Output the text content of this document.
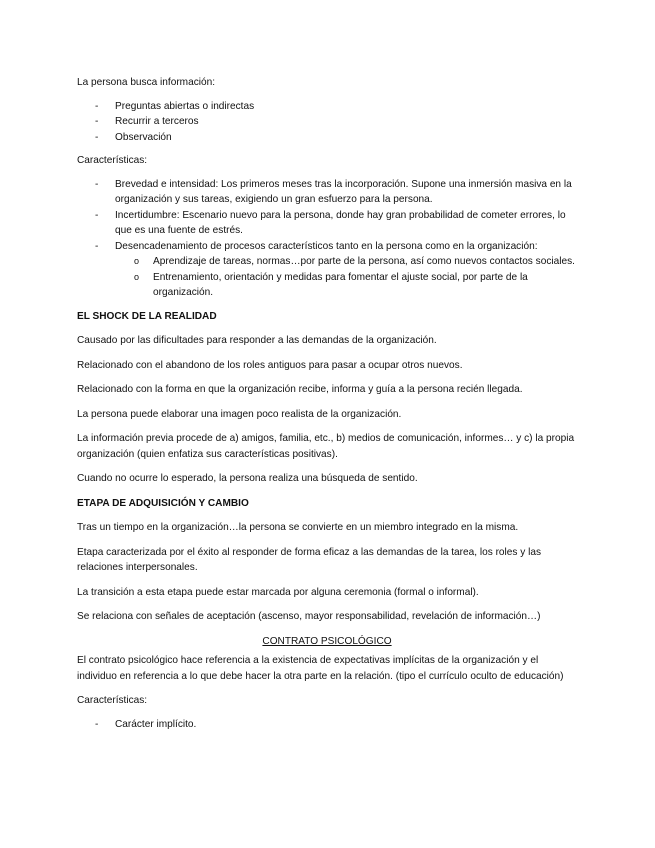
La persona busca información:

- Preguntas abiertas o indirectas
- Recurrir a terceros
- Observación

Características:

- Brevedad e intensidad: Los primeros meses tras la incorporación. Supone una inmersión masiva en la organización y sus tareas, exigiendo un gran esfuerzo para la persona.
- Incertidumbre: Escenario nuevo para la persona, donde hay gran probabilidad de cometer errores, lo que es una fuente de estrés.
- Desencadenamiento de procesos característicos tanto en la persona como en la organización:
o Aprendizaje de tareas, normas…por parte de la persona, así como nuevos contactos sociales.
o Entrenamiento, orientación y medidas para fomentar el ajuste social, por parte de la organización.
EL SHOCK DE LA REALIDAD

Causado por las dificultades para responder a las demandas de la organización.

Relacionado con el abandono de los roles antiguos para pasar a ocupar otros nuevos.

Relacionado con la forma en que la organización recibe, informa y guía a la persona recién llegada.

La persona puede elaborar una imagen poco realista de la organización.

La información previa procede de a) amigos, familia, etc., b) medios de comunicación, informes… y c) la propia organización (quien enfatiza sus características positivas).

Cuando no ocurre lo esperado, la persona realiza una búsqueda de sentido.

ETAPA DE ADQUISICIÓN Y CAMBIO

Tras un tiempo en la organización…la persona se convierte en un miembro integrado en la misma.

Etapa caracterizada por el éxito al responder de forma eficaz a las demandas de la tarea, los roles y las relaciones interpersonales.

La transición a esta etapa puede estar marcada por alguna ceremonia (formal o informal).

Se relaciona con señales de aceptación (ascenso, mayor responsabilidad, revelación de información…)

CONTRATO PSICOLÓGICO

El contrato psicológico hace referencia a la existencia de expectativas implícitas de la organización y el individuo en referencia a lo que debe hacer la otra parte en la relación. (tipo el currículo oculto de educación)

Características:

- Carácter implícito.
